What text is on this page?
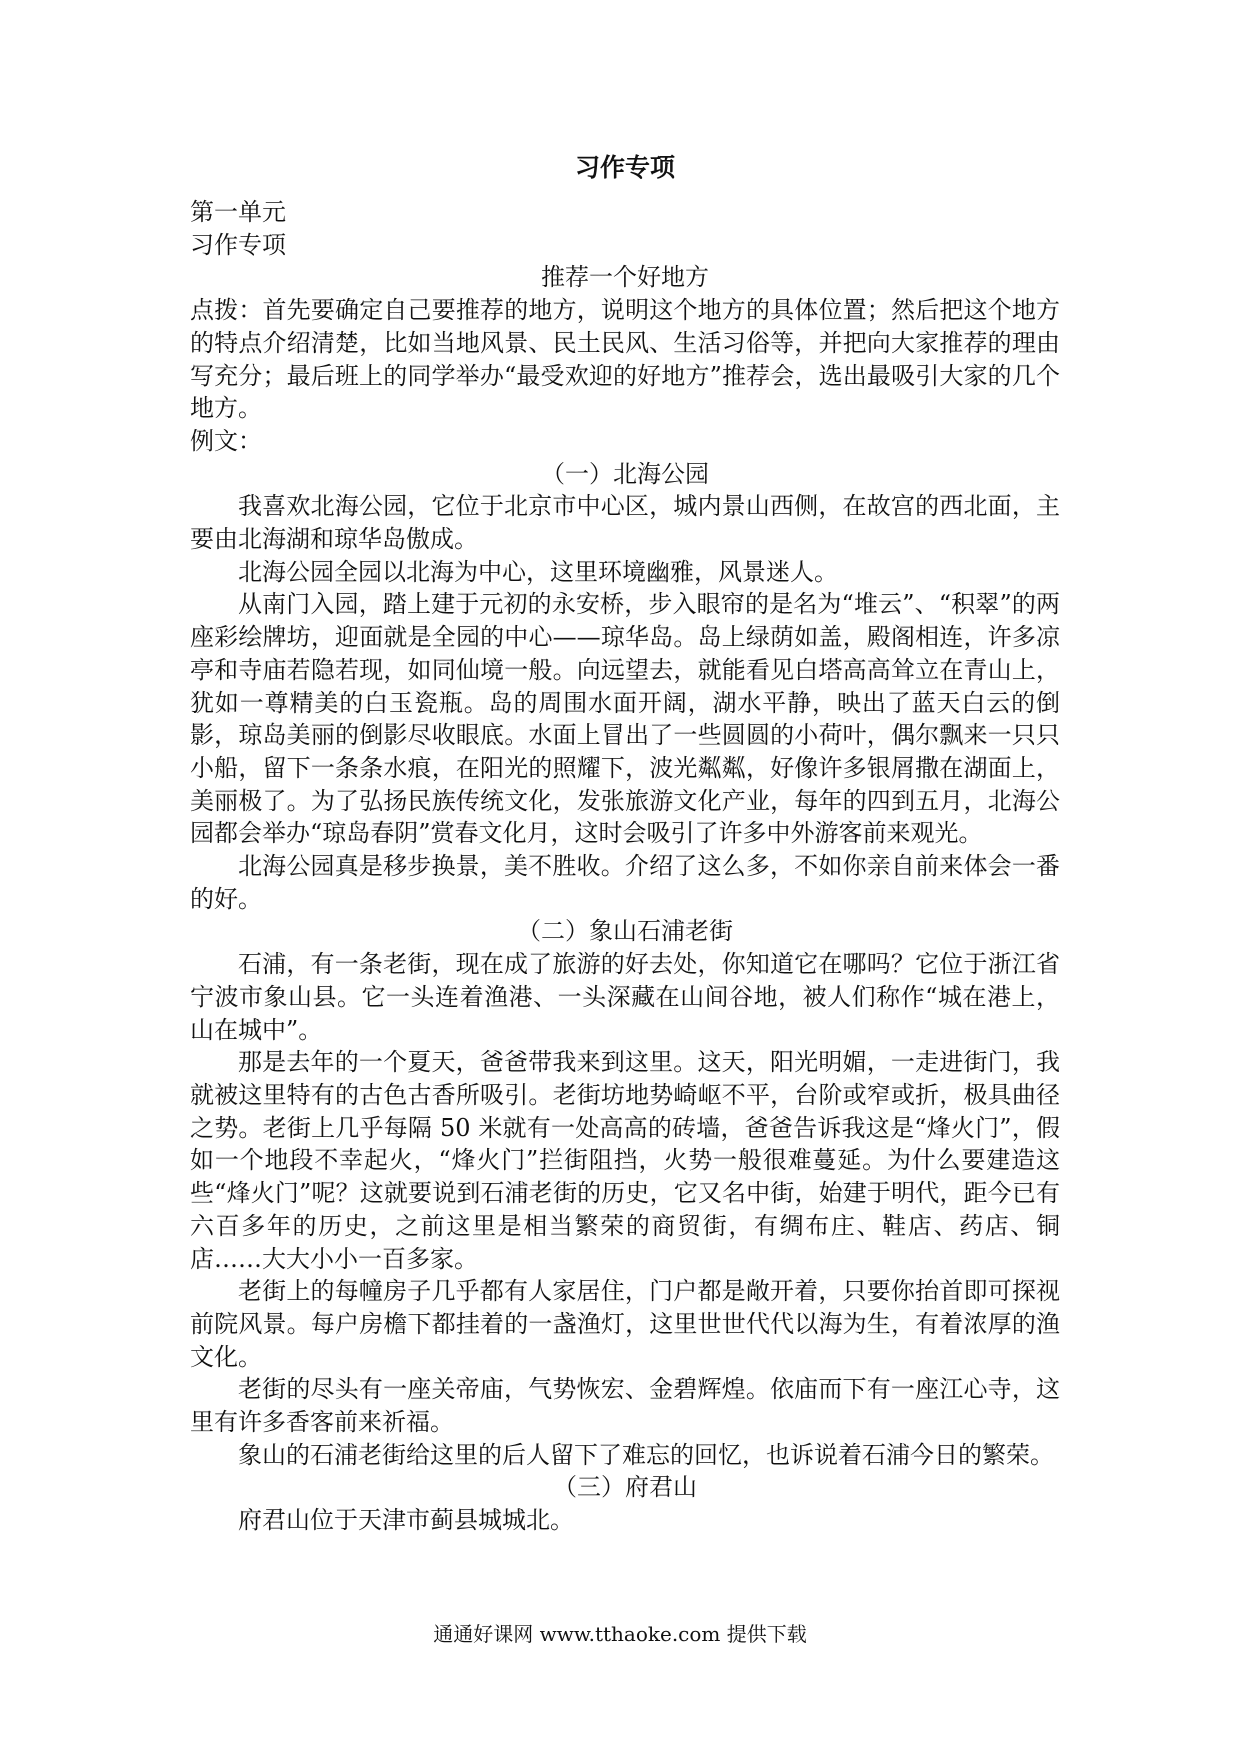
习作专项

第一单元

习作专项

推荐一个好地方

点拨：首先要确定自己要推荐的地方，说明这个地方的具体位置；然后把这个地方的特点介绍清楚，比如当地风景、民土民风、生活习俗等，并把向大家推荐的理由写充分；最后班上的同学举办“最受欢迎的好地方”推荐会，选出最吸引大家的几个地方。

例文：

（一）北海公园

我喜欢北海公园，它位于北京市中心区，城内景山西侧，在故宫的西北面，主要由北海湖和琼华岛傲成。

北海公园全园以北海为中心，这里环境幽雅，风景迷人。

从南门入园，踏上建于元初的永安桥，步入眼帘的是名为“堆云”、“积翠”的两座彩绘牌坊，迎面就是全园的中心——琼华岛。岛上绿荫如盖，殿阁相连，许多凉亭和寺庙若隐若现，如同仙境一般。向远望去，就能看见白塔高高耸立在青山上，犹如一尊精美的白玉瓷瓶。岛的周围水面开阔，湖水平静，映出了蓝天白云的倒影，琼岛美丽的倒影尽收眼底。水面上冒出了一些圆圆的小荷叶，偶尔飘来一只只小船，留下一条条水痕，在阳光的照耀下，波光粼粼，好像许多银屑撒在湖面上，美丽极了。为了弘扬民族传统文化，发张旅游文化产业，每年的四到五月，北海公园都会举办“琼岛春阴”赏春文化月，这时会吸引了许多中外游客前来观光。

北海公园真是移步换景，美不胜收。介绍了这么多，不如你亲自前来体会一番的好。

（二）象山石浦老街

石浦，有一条老街，现在成了旅游的好去处，你知道它在哪吗？它位于浙江省宁波市象山县。它一头连着渔港、一头深藏在山间谷地，被人们称作“城在港上，山在城中”。

那是去年的一个夏天，爸爸带我来到这里。这天，阳光明媚，一走进街门，我就被这里特有的古色古香所吸引。老街坊地势崎岖不平，台阶或窄或折，极具曲径之势。老街上几乎每隔 50 米就有一处高高的砖墙，爸爸告诉我这是“烽火门”，假如一个地段不幸起火，“烽火门”拦街阻挡，火势一般很难蔓延。为什么要建造这些“烽火门”呢？这就要说到石浦老街的历史，它又名中街，始建于明代，距今已有六百多年的历史，之前这里是相当繁荣的商贸街，有绸布庄、鞋店、药店、铜店……大大小小一百多家。

老街上的每幢房子几乎都有人家居住，门户都是敞开着，只要你抬首即可探视前院风景。每户房檐下都挂着的一盏渔灯，这里世世代代以海为生，有着浓厚的渔文化。

老街的尽头有一座关帝庙，气势恢宏、金碧辉煌。依庙而下有一座江心寺，这里有许多香客前来祈福。

象山的石浦老街给这里的后人留下了难忘的回忆，也诉说着石浦今日的繁荣。

（三）府君山

府君山位于天津市蓟县城城北。

通通好课网 www.tthaoke.com 提供下载
